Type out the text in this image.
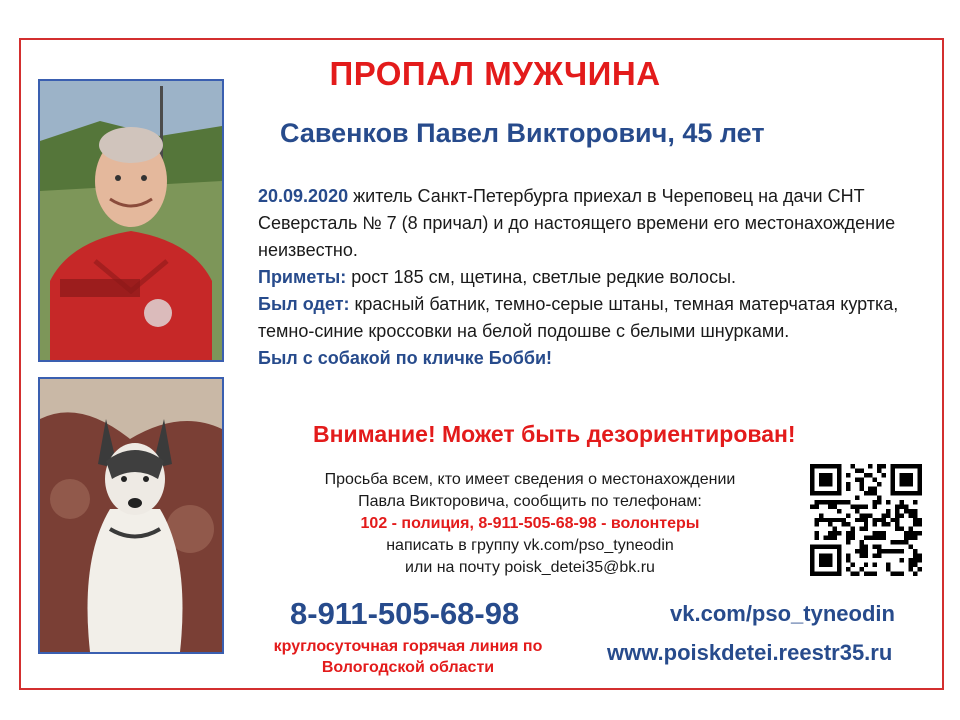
ПРОПАЛ МУЖЧИНА
Савенков Павел Викторович, 45 лет
20.09.2020 житель Санкт-Петербурга приехал в Череповец на дачи СНТ Северсталь № 7 (8 причал) и до настоящего времени его местонахождение неизвестно.
Приметы: рост 185 см, щетина, светлые редкие волосы.
Был одет: красный батник, темно-серые штаны, темная матерчатая куртка, темно-синие кроссовки на белой подошве с белыми шнурками.
Был с собакой по кличке Бобби!
Внимание! Может быть дезориентирован!
Просьба всем, кто имеет сведения о местонахождении
Павла Викторовича, сообщить по телефонам:
102 - полиция, 8-911-505-68-98 - волонтеры
написать в группу vk.com/pso_tyneodin
или на почту poisk_detei35@bk.ru
8-911-505-68-98
круглосуточная горячая линия по
Вологодской области
vk.com/pso_tyneodin
www.poiskdetei.reestr35.ru
